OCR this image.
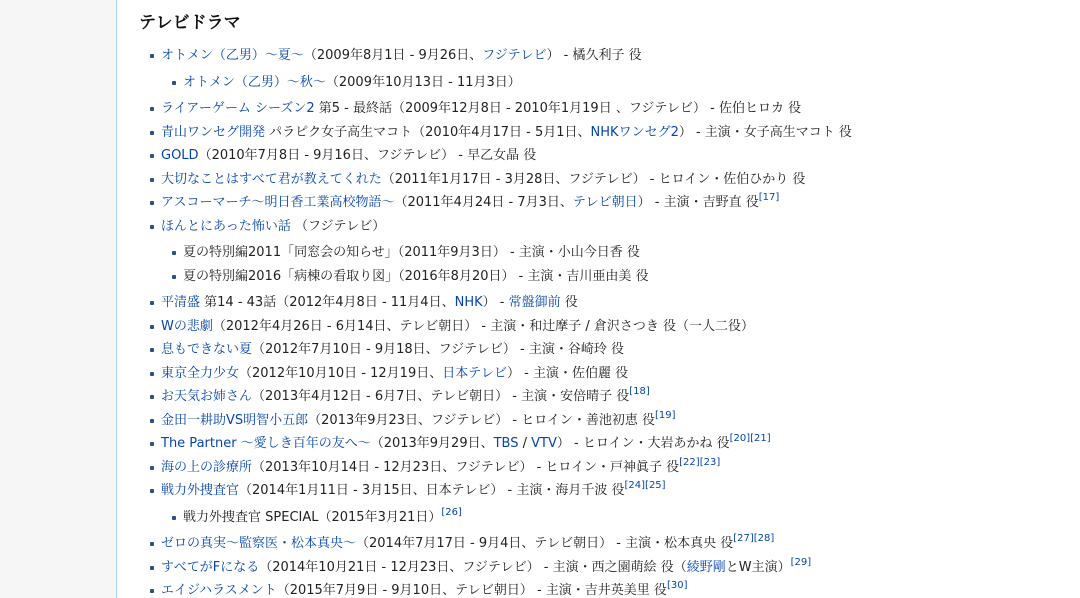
テレビドラマ
オトメン（乙男）〜夏〜（2009年8月1日 - 9月26日、フジテレビ） - 橘久利子 役
オトメン（乙男）〜秋〜（2009年10月13日 - 11月3日）
ライアーゲーム シーズン2 第5 - 最終話（2009年12月8日 - 2010年1月19日 、フジテレビ） - 佐伯ヒロカ 役
青山ワンセグ開発 パラピク女子高生マコト（2010年4月17日 - 5月1日、NHKワンセグ2） - 主演・女子高生マコト 役
GOLD（2010年7月8日 - 9月16日、フジテレビ） - 早乙女晶 役
大切なことはすべて君が教えてくれた（2011年1月17日 - 3月28日、フジテレビ） - ヒロイン・佐伯ひかり 役
アスコーマーチ〜明日香工業高校物語〜（2011年4月24日 - 7月3日、テレビ朝日） - 主演・吉野直 役[17]
ほんとにあった怖い話 （フジテレビ）
夏の特別編2011「同窓会の知らせ」（2011年9月3日） - 主演・小山今日香 役
夏の特別編2016「病棟の看取り図」（2016年8月20日） - 主演・吉川亜由美 役
平清盛 第14 - 43話（2012年4月8日 - 11月4日、NHK） - 常盤御前 役
Wの悲劇（2012年4月26日 - 6月14日、テレビ朝日） - 主演・和辻摩子 / 倉沢さつき 役（一人二役）
息もできない夏（2012年7月10日 - 9月18日、フジテレビ） - 主演・谷崎玲 役
東京全力少女（2012年10月10日 - 12月19日、日本テレビ） - 主演・佐伯麗 役
お天気お姉さん（2013年4月12日 - 6月7日、テレビ朝日） - 主演・安倍晴子 役[18]
金田一耕助VS明智小五郎（2013年9月23日、フジテレビ） - ヒロイン・善池初恵 役[19]
The Partner 〜愛しき百年の友へ〜（2013年9月29日、TBS / VTV） - ヒロイン・大岩あかね 役[20][21]
海の上の診療所（2013年10月14日 - 12月23日、フジテレビ） - ヒロイン・戸神眞子 役[22][23]
戦力外捜査官（2014年1月11日 - 3月15日、日本テレビ） - 主演・海月千波 役[24][25]
戦力外捜査官 SPECIAL（2015年3月21日）[26]
ゼロの真実〜監察医・松本真央〜（2014年7月17日 - 9月4日、テレビ朝日） - 主演・松本真央 役[27][28]
すべてがFになる（2014年10月21日 - 12月23日、フジテレビ） - 主演・西之園萌絵 役（綾野剛とW主演）[29]
エイジハラスメント（2015年7月9日 - 9月10日、テレビ朝日） - 主演・吉井英美里 役[30]
